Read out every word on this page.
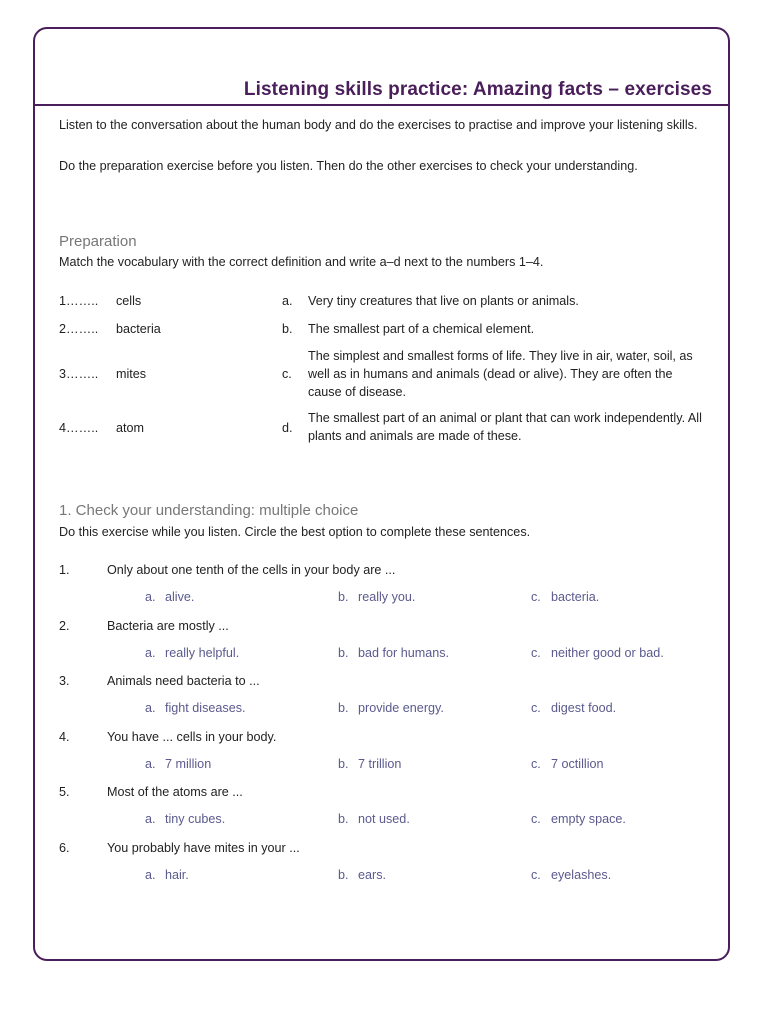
Listening skills practice: Amazing facts – exercises
Listen to the conversation about the human body and do the exercises to practise and improve your listening skills.
Do the preparation exercise before you listen. Then do the other exercises to check your understanding.
Preparation
Match the vocabulary with the correct definition and write a–d next to the numbers 1–4.
1…….. cells	a. Very tiny creatures that live on plants or animals.
2…….. bacteria	b. The smallest part of a chemical element.
3…….. mites	c.
The simplest and smallest forms of life. They live in air, water, soil, as well as in humans and animals (dead or alive). They are often the cause of disease.
4…….. atom	d.
The smallest part of an animal or plant that can work independently. All plants and animals are made of these.
1. Check your understanding: multiple choice
Do this exercise while you listen. Circle the best option to complete these sentences.
1.	Only about one tenth of the cells in your body are ...
a. alive.	b. really you.	c. bacteria.
2.	Bacteria are mostly ...
a. really helpful.	b. bad for humans.	c. neither good or bad.
3.	Animals need bacteria to ...
a. fight diseases.	b. provide energy.	c. digest food.
4.	You have ... cells in your body.
a. 7 million	b. 7 trillion	c. 7 octillion
5.	Most of the atoms are ...
a. tiny cubes.	b. not used.	c. empty space.
6.	You probably have mites in your ...
a. hair.	b. ears.	c. eyelashes.
